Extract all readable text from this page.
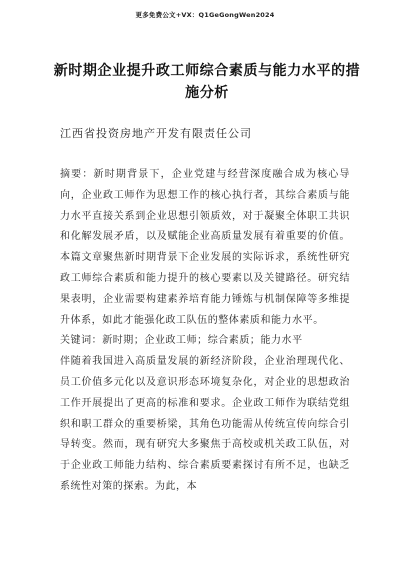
更多免费公文+VX：Q1GeGongWen2024
新时期企业提升政工师综合素质与能力水平的措施分析
江西省投资房地产开发有限责任公司

摘要：新时期背景下，企业党建与经营深度融合成为核心导向，企业政工师作为思想工作的核心执行者，其综合素质与能力水平直接关系到企业思想引领质效，对于凝聚全体职工共识和化解发展矛盾，以及赋能企业高质量发展有着重要的价值。本篇文章聚焦新时期背景下企业发展的实际诉求，系统性研究政工师综合素质和能力提升的核心要素以及关键路径。研究结果表明，企业需要构建素养培育能力锤炼与机制保障等多维提升体系，如此才能强化政工队伍的整体素质和能力水平。

关键词：新时期；企业政工师；综合素质；能力水平

伴随着我国进入高质量发展的新经济阶段，企业治理现代化、员工价值多元化以及意识形态环境复杂化，对企业的思想政治工作开展提出了更高的标准和要求。企业政工师作为联结党组织和职工群众的重要桥梁，其角色功能需从传统宣传向综合引导转变。然而，现有研究大多聚焦于高校或机关政工队伍，对于企业政工师能力结构、综合素质要素探讨有所不足，也缺乏系统性对策的探索。为此，本
